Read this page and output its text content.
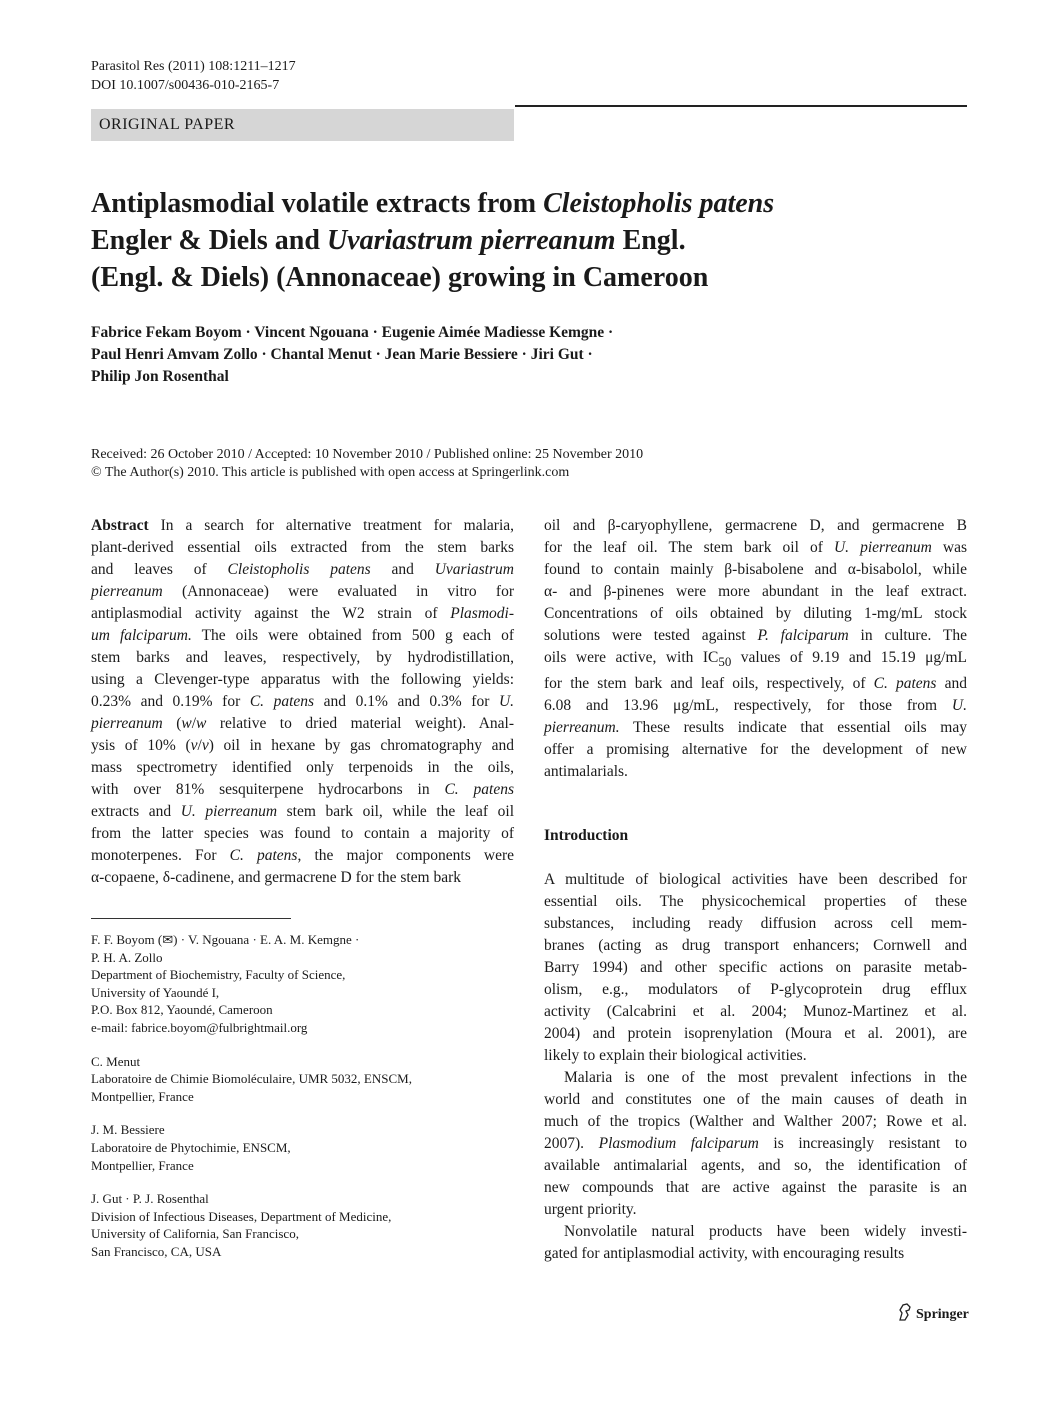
Parasitol Res (2011) 108:1211–1217
DOI 10.1007/s00436-010-2165-7
ORIGINAL PAPER
Antiplasmodial volatile extracts from Cleistopholis patens
Engler & Diels and Uvariastrum pierreanum Engl.
(Engl. & Diels) (Annonaceae) growing in Cameroon
Fabrice Fekam Boyom · Vincent Ngouana · Eugenie Aimée Madiesse Kemgne ·
Paul Henri Amvam Zollo · Chantal Menut · Jean Marie Bessiere · Jiri Gut ·
Philip Jon Rosenthal
Received: 26 October 2010 / Accepted: 10 November 2010 / Published online: 25 November 2010
© The Author(s) 2010. This article is published with open access at Springerlink.com
Abstract In a search for alternative treatment for malaria,
plant-derived essential oils extracted from the stem barks
and leaves of Cleistopholis patens and Uvariastrum
pierreanum (Annonaceae) were evaluated in vitro for
antiplasmodial activity against the W2 strain of Plasmodi-
um falciparum. The oils were obtained from 500 g each of
stem barks and leaves, respectively, by hydrodistillation,
using a Clevenger-type apparatus with the following yields:
0.23% and 0.19% for C. patens and 0.1% and 0.3% for U.
pierreanum (w/w relative to dried material weight). Anal-
ysis of 10% (v/v) oil in hexane by gas chromatography and
mass spectrometry identified only terpenoids in the oils,
with over 81% sesquiterpene hydrocarbons in C. patens
extracts and U. pierreanum stem bark oil, while the leaf oil
from the latter species was found to contain a majority of
monoterpenes. For C. patens, the major components were
α-copaene, δ-cadinene, and germacrene D for the stem bark
oil and β-caryophyllene, germacrene D, and germacrene B
for the leaf oil. The stem bark oil of U. pierreanum was
found to contain mainly β-bisabolene and α-bisabolol, while
α- and β-pinenes were more abundant in the leaf extract.
Concentrations of oils obtained by diluting 1-mg/mL stock
solutions were tested against P. falciparum in culture. The
oils were active, with $IC_{50}$ values of 9.19 and 15.19 μg/mL
for the stem bark and leaf oils, respectively, of C. patens and
6.08 and 13.96 μg/mL, respectively, for those from U.
pierreanum. These results indicate that essential oils may
offer a promising alternative for the development of new
antimalarials.
Introduction
A multitude of biological activities have been described for
essential oils. The physicochemical properties of these
substances, including ready diffusion across cell mem-
branes (acting as drug transport enhancers; Cornwell and
Barry 1994) and other specific actions on parasite metab-
olism, e.g., modulators of P-glycoprotein drug efflux
activity (Calcabrini et al. 2004; Munoz-Martinez et al.
2004) and protein isoprenylation (Moura et al. 2001), are
likely to explain their biological activities.
Malaria is one of the most prevalent infections in the
world and constitutes one of the main causes of death in
much of the tropics (Walther and Walther 2007; Rowe et al.
2007). Plasmodium falciparum is increasingly resistant to
available antimalarial agents, and so, the identification of
new compounds that are active against the parasite is an
urgent priority.
Nonvolatile natural products have been widely investi-
gated for antiplasmodial activity, with encouraging results
F. F. Boyom (✉) · V. Ngouana · E. A. M. Kemgne ·
P. H. A. Zollo
Department of Biochemistry, Faculty of Science,
University of Yaoundé I,
P.O. Box 812, Yaoundé, Cameroon
e-mail: fabrice.boyom@fulbrightmail.org
C. Menut
Laboratoire de Chimie Biomoléculaire, UMR 5032, ENSCM,
Montpellier, France
J. M. Bessiere
Laboratoire de Phytochimie, ENSCM,
Montpellier, France
J. Gut · P. J. Rosenthal
Division of Infectious Diseases, Department of Medicine,
University of California, San Francisco,
San Francisco, CA, USA
Springer
